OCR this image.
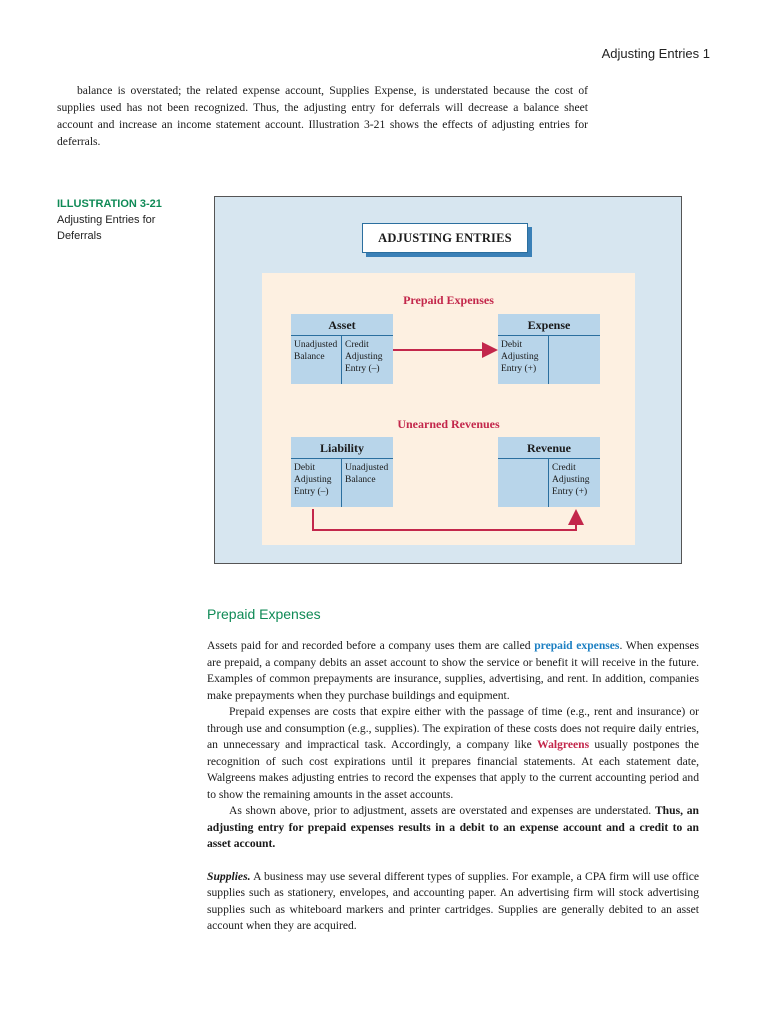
Adjusting Entries 1

balance is overstated; the related expense account, Supplies Expense, is understated because the cost of supplies used has not been recognized. Thus, the adjusting entry for deferrals will decrease a balance sheet account and increase an income statement account. Illustration 3-21 shows the effects of adjusting entries for deferrals.

ILLUSTRATION 3-21
Adjusting Entries for Deferrals	ADJUSTING ENTRIES
Prepaid Expenses
Asset
Unadjusted Balance
Credit Adjusting Entry (–)
Expense
Debit Adjusting Entry (+)
Unearned Revenues
Liability
Debit Adjusting Entry (–)
Unadjusted Balance
Revenue
Credit Adjusting Entry (+)
Prepaid Expenses

Assets paid for and recorded before a company uses them are called prepaid expenses. When expenses are prepaid, a company debits an asset account to show the service or benefit it will receive in the future. Examples of common prepayments are insurance, supplies, advertising, and rent. In addition, companies make prepayments when they purchase buildings and equipment.

Prepaid expenses are costs that expire either with the passage of time (e.g., rent and insurance) or through use and consumption (e.g., supplies). The expiration of these costs does not require daily entries, an unnecessary and impractical task. Accordingly, a company like Walgreens usually postpones the recognition of such cost expirations until it prepares financial statements. At each statement date, Walgreens makes adjusting entries to record the expenses that apply to the current accounting period and to show the remaining amounts in the asset accounts.

As shown above, prior to adjustment, assets are overstated and expenses are understated. Thus, an adjusting entry for prepaid expenses results in a debit to an expense account and a credit to an asset account.

Supplies. A business may use several different types of supplies. For example, a CPA firm will use office supplies such as stationery, envelopes, and accounting paper. An advertising firm will stock advertising supplies such as whiteboard markers and printer cartridges. Supplies are generally debited to an asset account when they are acquired.
